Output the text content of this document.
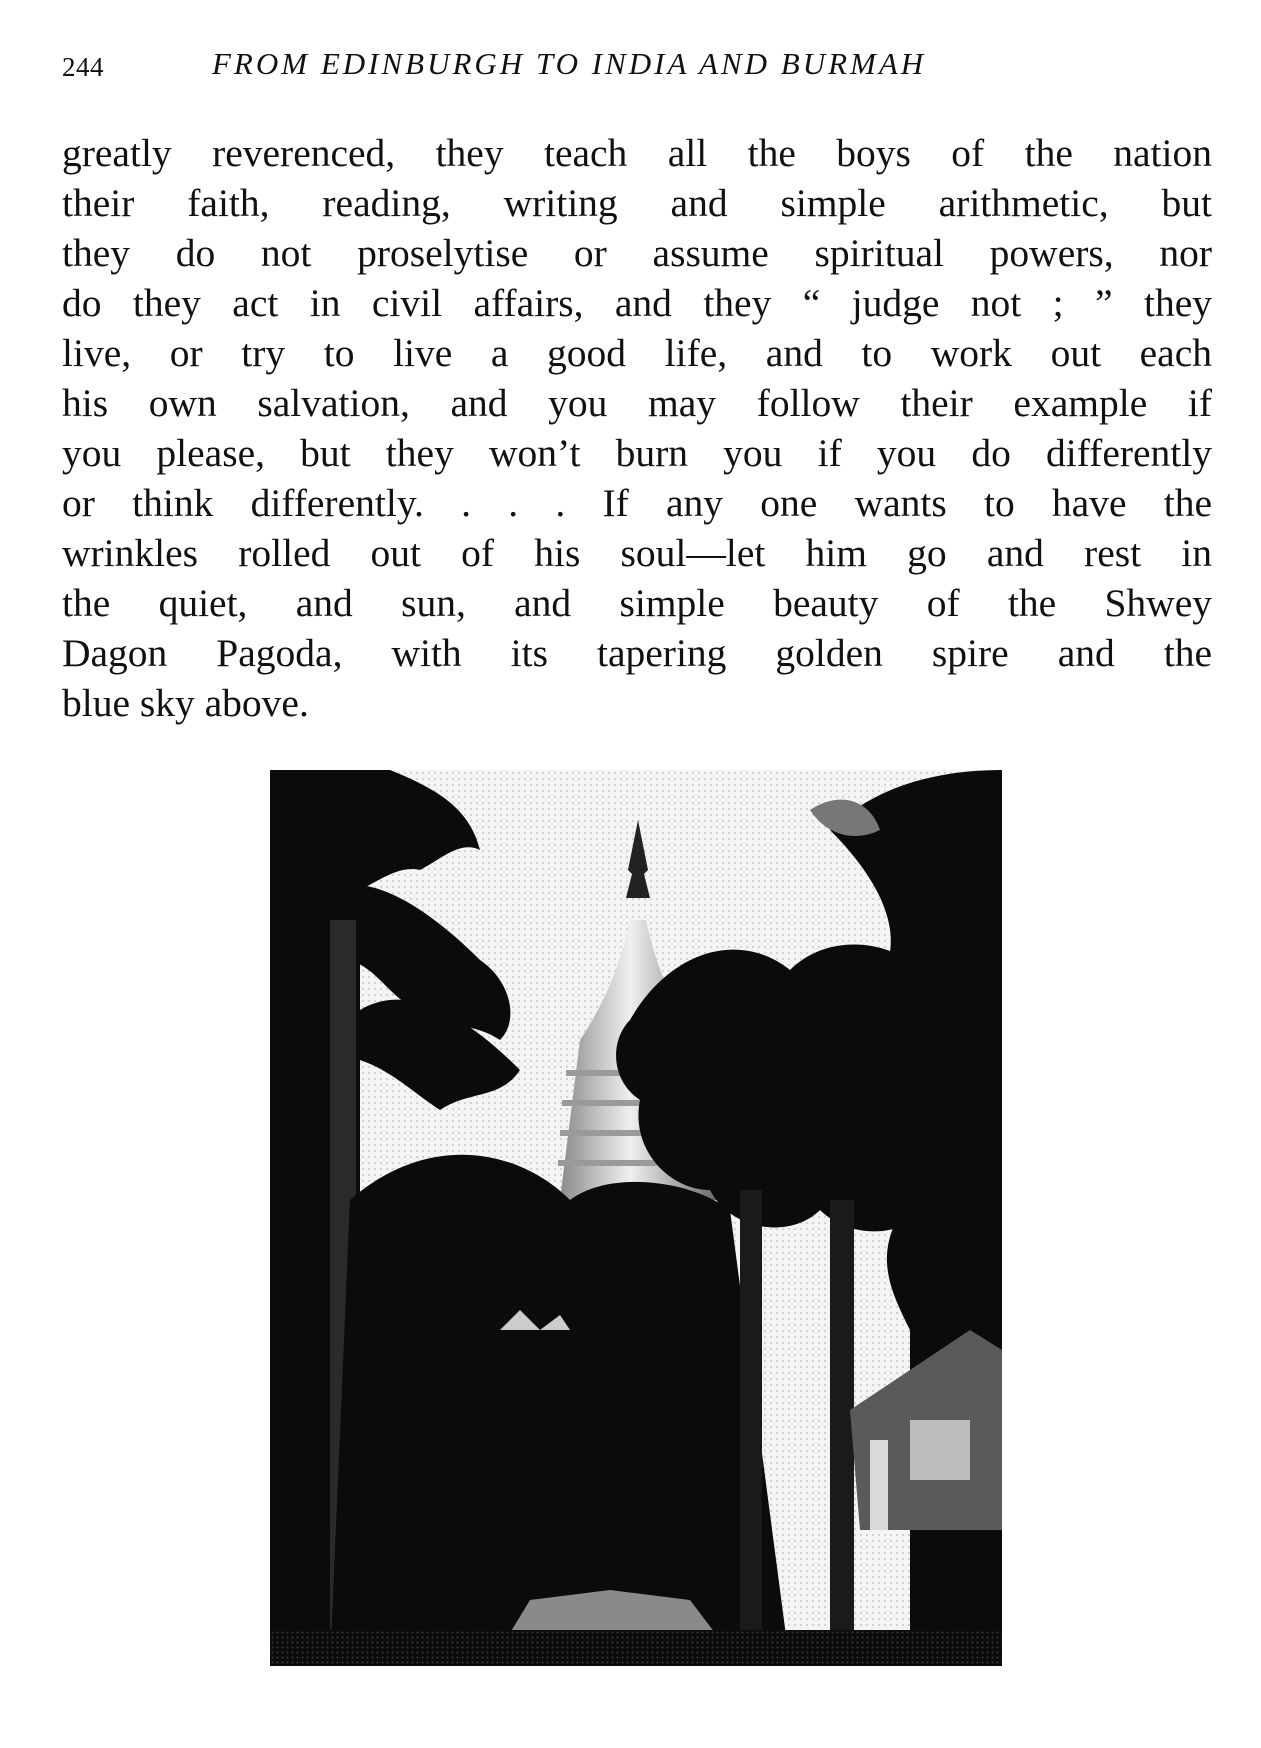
244	FROM EDINBURGH TO INDIA AND BURMAH
greatly reverenced, they teach all the boys of the nation
their faith, reading, writing and simple arithmetic, but
they do not proselytise or assume spiritual powers, nor
do they act in civil affairs, and they “ judge not ; ” they
live, or try to live a good life, and to work out each
his own salvation, and you may follow their example if
you please, but they won’t burn you if you do differently
or think differently. . . . If any one wants to have the
wrinkles rolled out of his soul—let him go and rest in
the quiet, and sun, and simple beauty of the Shwey
Dagon Pagoda, with its tapering golden spire and the
blue sky above.
